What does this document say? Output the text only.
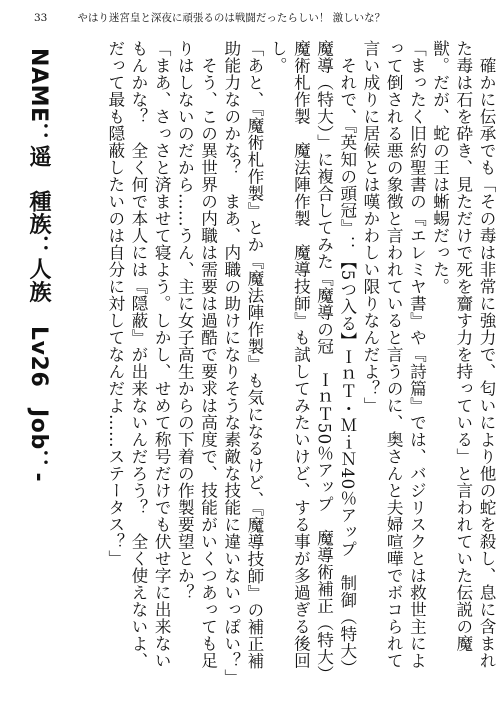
33	やはり迷宮皇と深夜に頑張るのは戦闘だったらしい！ 激しいな？

確かに伝承でも「その毒は非常に強力で、匂いにより他の蛇を殺し、息に含まれた毒は石を砕き、見ただけで死を齎す力を持っている」と言われていた伝説の魔獣。だが、蛇の王は蜥蜴だった。

「まったく旧約聖書の『エレミヤ書』や『詩篇』では、バジリスクとは救世主によって倒される悪の象徴と言われていると言うのに、奥さんと夫婦喧嘩でボコられて言い成りに居候とは嘆かわしい限りなんだよ？」

それで、『英知の頭冠』：【5つ入る】ＩｎＴ・ＭｉＮ40％アップ　制御（特大）魔導（特大）」に複合してみた『魔導の冠　ＩｎＴ50％アップ　魔導術補正（特大）　魔術札作製　魔法陣作製　魔導技師』も試してみたいけど、する事が多過ぎる後回し。

「あと、『魔術札作製』とか『魔法陣作製』も気になるけど、『魔導技師』の補正補助能力なのかな？　まあ、内職の助けになりそうな素敵な技能に違いないっぽい？」

そう、この異世界の内職は需要は過酷で要求は高度で、技能がいくつあっても足りはしないのだから……うん、主に女子高生からの下着の作製要望とか？

「まあ、さっさと済ませて寝よう。しかし、せめて称号だけでも伏せ字に出来ないもんかな？　全く何で本人には『隠蔽』が出来ないんだろう？　全く使えないよ、だって最も隠蔽したいのは自分に対してなんだよ……ステータス？」

NAME：遥 種族：人族 Lv26 Job：-
